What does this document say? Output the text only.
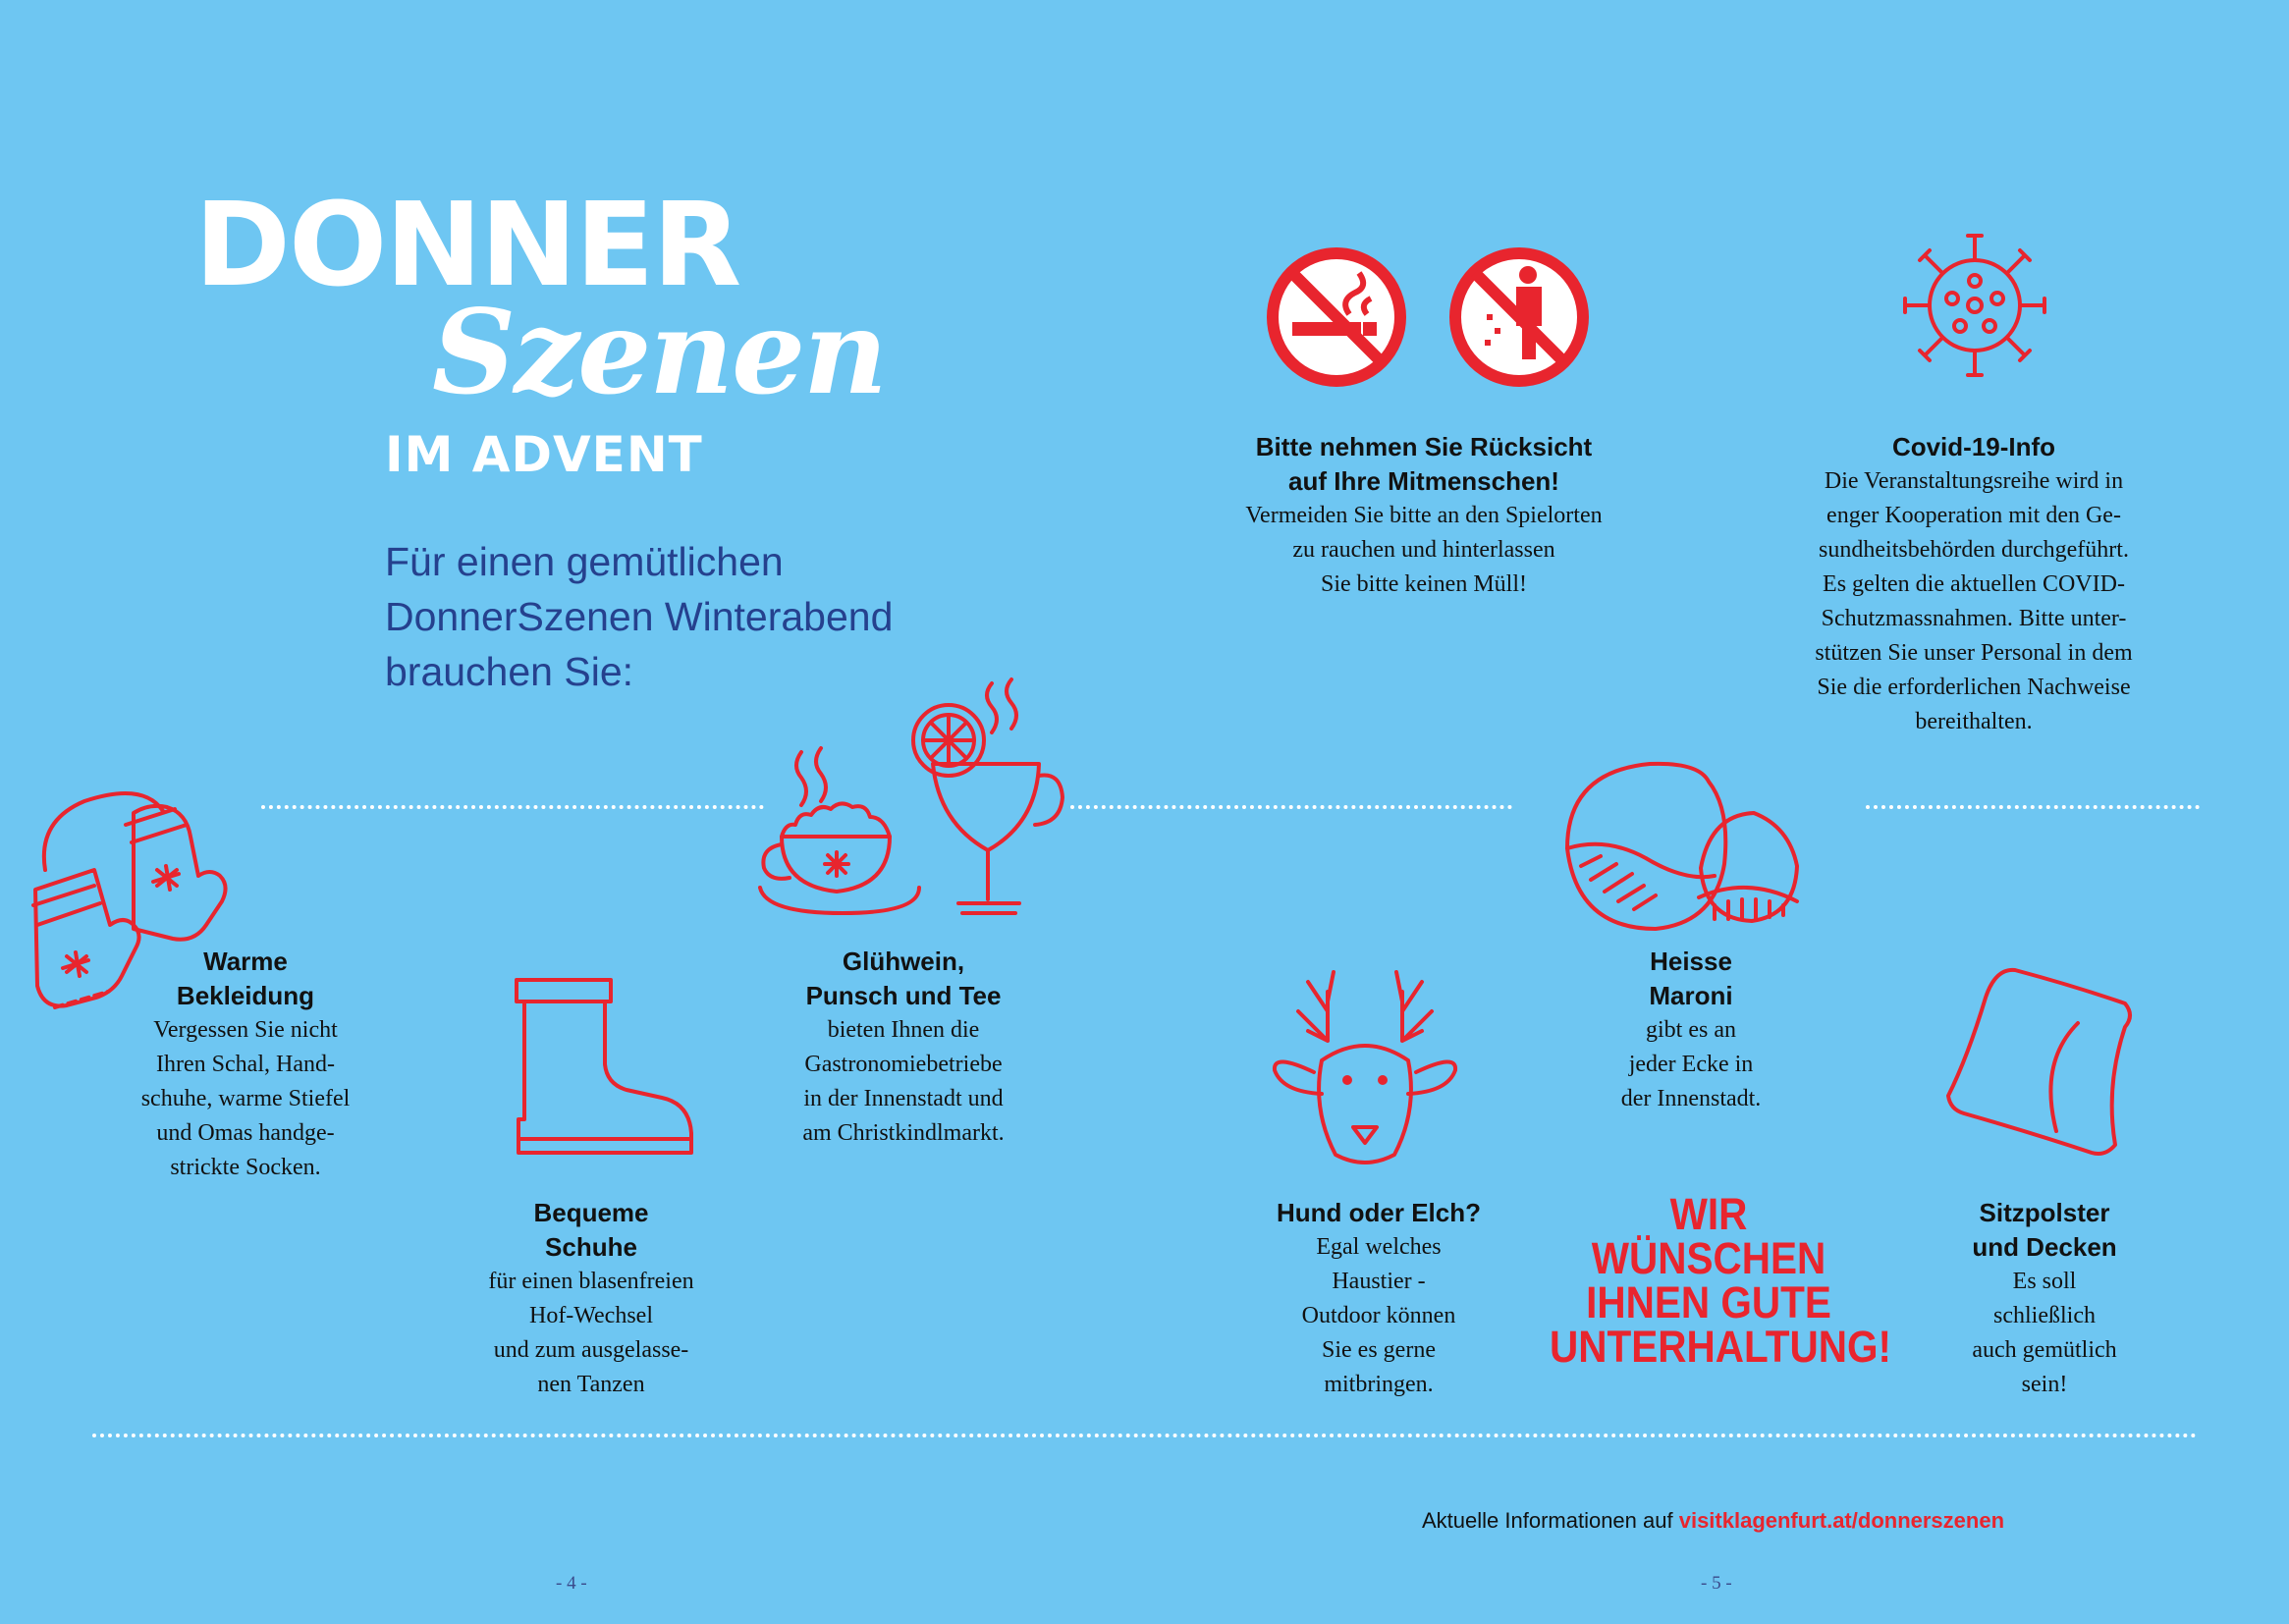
DONNER
Szenen
IM ADVENT
Für einen gemütlichen
DonnerSzenen Winterabend
brauchen Sie:
Bitte nehmen Sie Rücksicht
auf Ihre Mitmenschen!

Vermeiden Sie bitte an den Spielorten
zu rauchen und hinterlassen
Sie bitte keinen Müll!

Covid-19-Info

Die Veranstaltungsreihe wird in
enger Kooperation mit den Ge-
sundheitsbehörden durchgeführt.
Es gelten die aktuellen COVID-
Schutzmassnahmen. Bitte unter-
stützen Sie unser Personal in dem
Sie die erforderlichen Nachweise
bereithalten.

Warme
Bekleidung

Vergessen Sie nicht
Ihren Schal, Hand-
schuhe, warme Stiefel
und Omas handge-
strickte Socken.

Bequeme
Schuhe

für einen blasenfreien
Hof-Wechsel
und zum ausgelasse-
nen Tanzen

Glühwein,
Punsch und Tee

bieten Ihnen die
Gastronomiebetriebe
in der Innenstadt und
am Christkindlmarkt.

Hund oder Elch?

Egal welches
Haustier -
Outdoor können
Sie es gerne
mitbringen.

Heisse
Maroni

gibt es an
jeder Ecke in
der Innenstadt.

Sitzpolster
und Decken

Es soll
schließlich
auch gemütlich
sein!

WIR WÜNSCHEN
IHNEN GUTE
UNTERHALTUNG!
Aktuelle Informationen auf visitklagenfurt.at/donnerszenen
- 4 -	- 5 -
